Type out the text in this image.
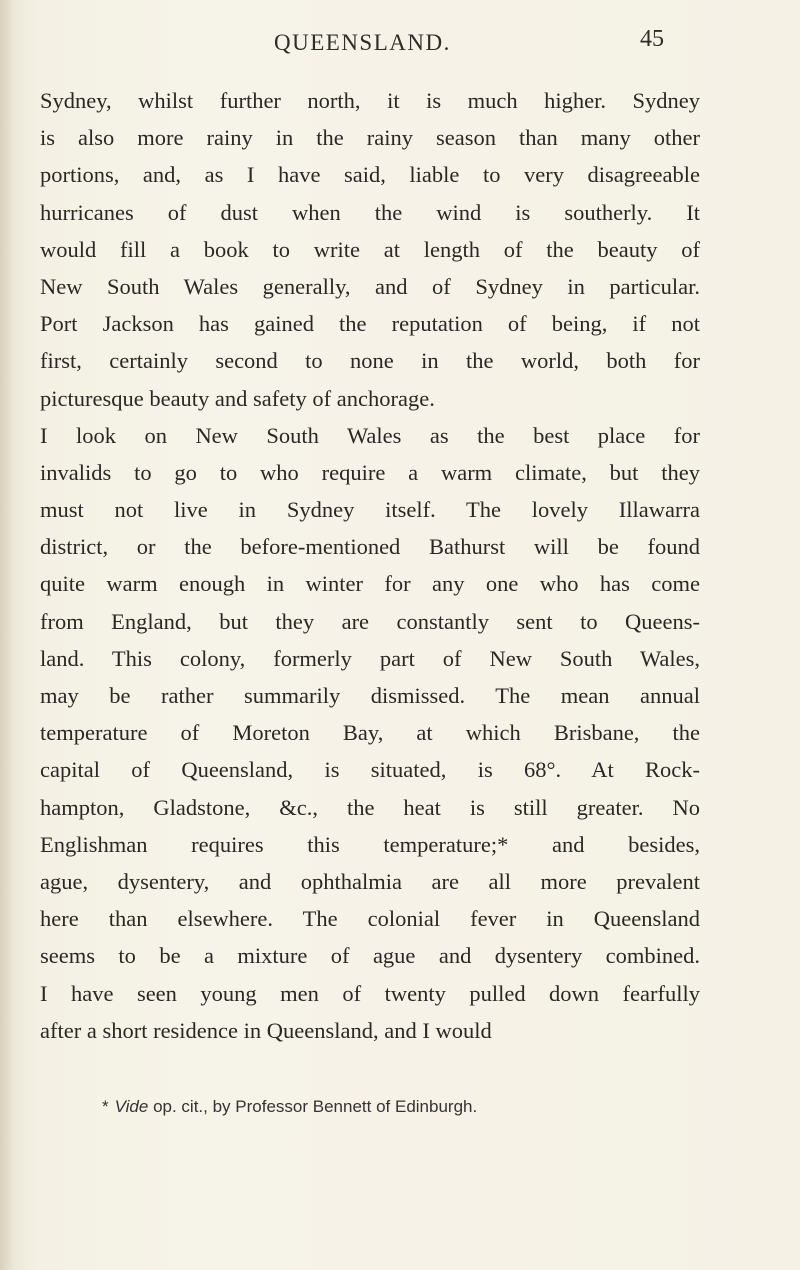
QUEENSLAND.	45
Sydney, whilst further north, it is much higher. Sydney
is also more rainy in the rainy season than many other
portions, and, as I have said, liable to very disagreeable
hurricanes of dust when the wind is southerly. It
would fill a book to write at length of the beauty of
New South Wales generally, and of Sydney in particular.
Port Jackson has gained the reputation of being, if not
first, certainly second to none in the world, both for
picturesque beauty and safety of anchorage.
I look on New South Wales as the best place for
invalids to go to who require a warm climate, but they
must not live in Sydney itself. The lovely Illawarra
district, or the before-mentioned Bathurst will be found
quite warm enough in winter for any one who has come
from England, but they are constantly sent to Queens-
land. This colony, formerly part of New South Wales,
may be rather summarily dismissed. The mean annual
temperature of Moreton Bay, at which Brisbane, the
capital of Queensland, is situated, is 68°. At Rock-
hampton, Gladstone, &c., the heat is still greater. No
Englishman requires this temperature;* and besides,
ague, dysentery, and ophthalmia are all more prevalent
here than elsewhere. The colonial fever in Queensland
seems to be a mixture of ague and dysentery combined.
I have seen young men of twenty pulled down fearfully
after a short residence in Queensland, and I would
* Vide op. cit., by Professor Bennett of Edinburgh.
